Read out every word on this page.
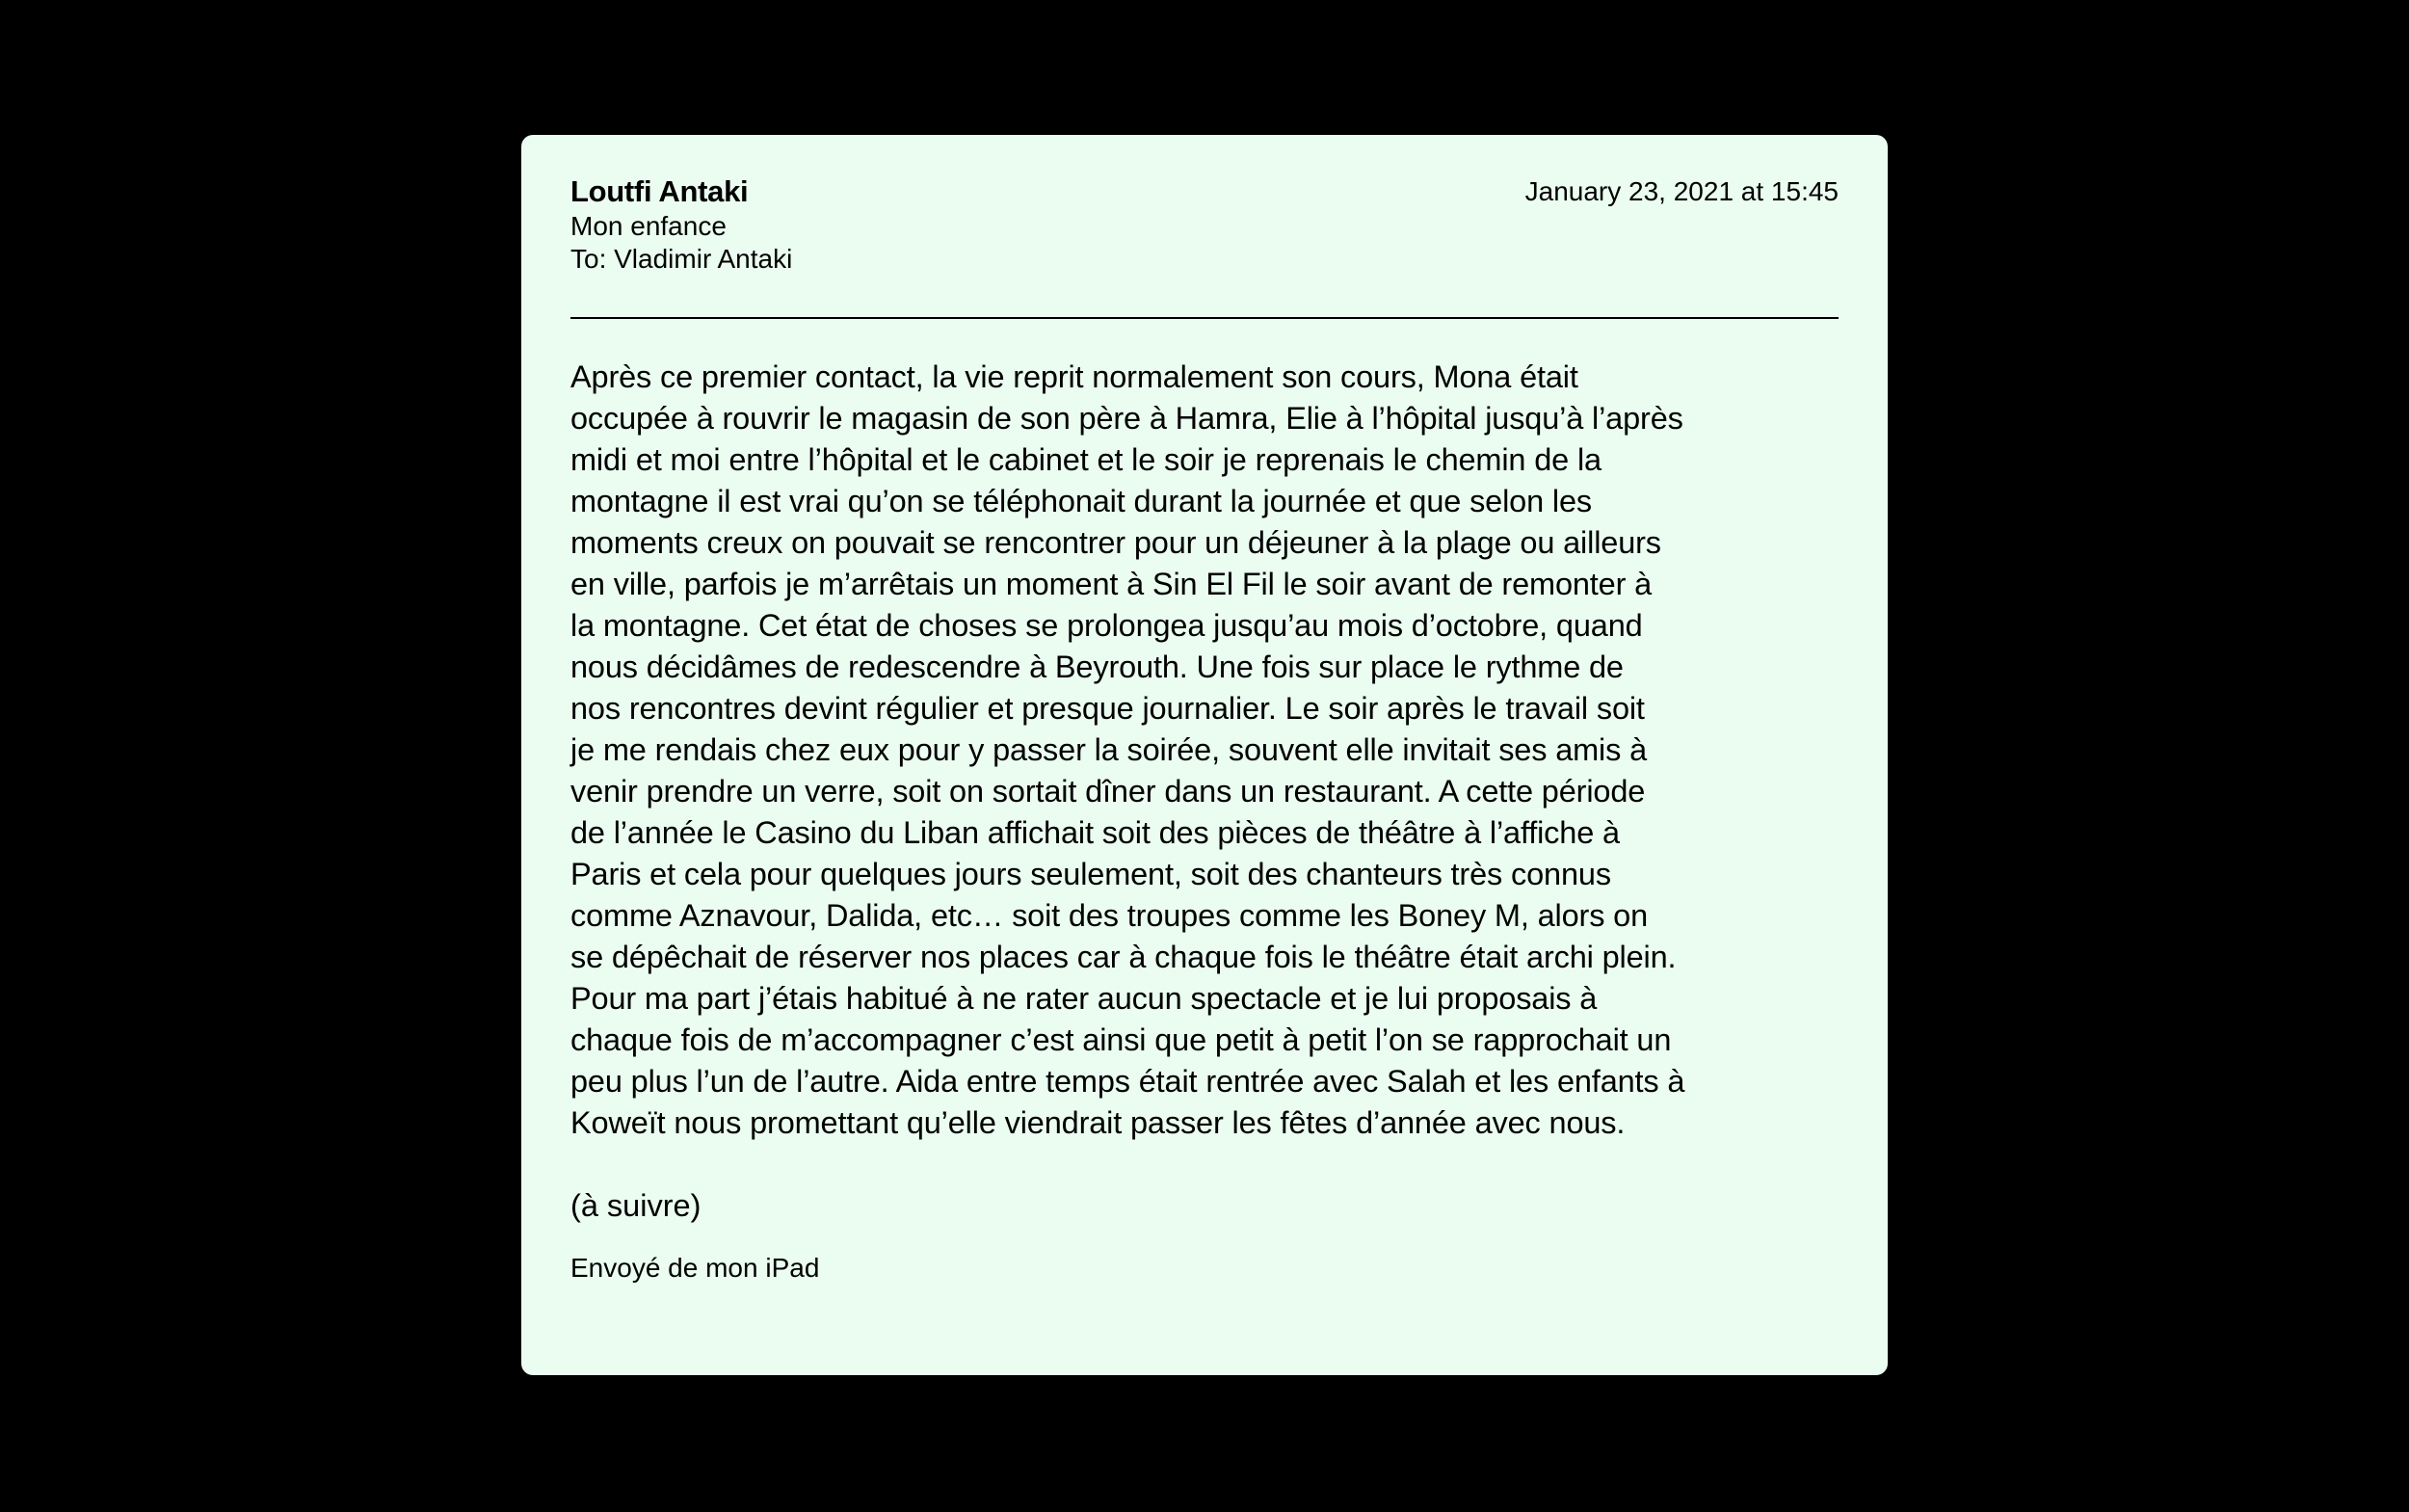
Loutfi Antaki
Mon enfance
To: Vladimir Antaki
January 23, 2021 at 15:45
Après ce premier contact, la vie reprit normalement son cours, Mona était
occupée à rouvrir le magasin de son père à Hamra, Elie à l’hôpital jusqu’à l’après
midi et moi entre l’hôpital et le cabinet et le soir je reprenais le chemin de la
montagne il est vrai qu’on se téléphonait durant la journée et que selon les
moments creux on pouvait se rencontrer pour un déjeuner à la plage ou ailleurs
en ville, parfois je m’arrêtais un moment à Sin El Fil le soir avant de remonter à
la montagne. Cet état de choses se prolongea jusqu’au mois d’octobre, quand
nous décidâmes de redescendre à Beyrouth. Une fois sur place le rythme de
nos rencontres devint régulier et presque journalier. Le soir après le travail soit
je me rendais chez eux pour y passer la soirée, souvent elle invitait ses amis à
venir prendre un verre, soit on sortait dîner dans un restaurant. A cette période
de l’année le Casino du Liban affichait soit des pièces de théâtre à l’affiche à
Paris et cela pour quelques jours seulement, soit des chanteurs très connus
comme Aznavour, Dalida, etc… soit des troupes comme les Boney M, alors on
se dépêchait de réserver nos places car à chaque fois le théâtre était archi plein.
Pour ma part j’étais habitué à ne rater aucun spectacle et je lui proposais à
chaque fois de m’accompagner c’est ainsi que petit à petit l’on se rapprochait un
peu plus l’un de l’autre. Aida entre temps était rentrée avec Salah et les enfants à
Koweït nous promettant qu’elle viendrait passer les fêtes d’année avec nous.
(à suivre)
Envoyé de mon iPad
